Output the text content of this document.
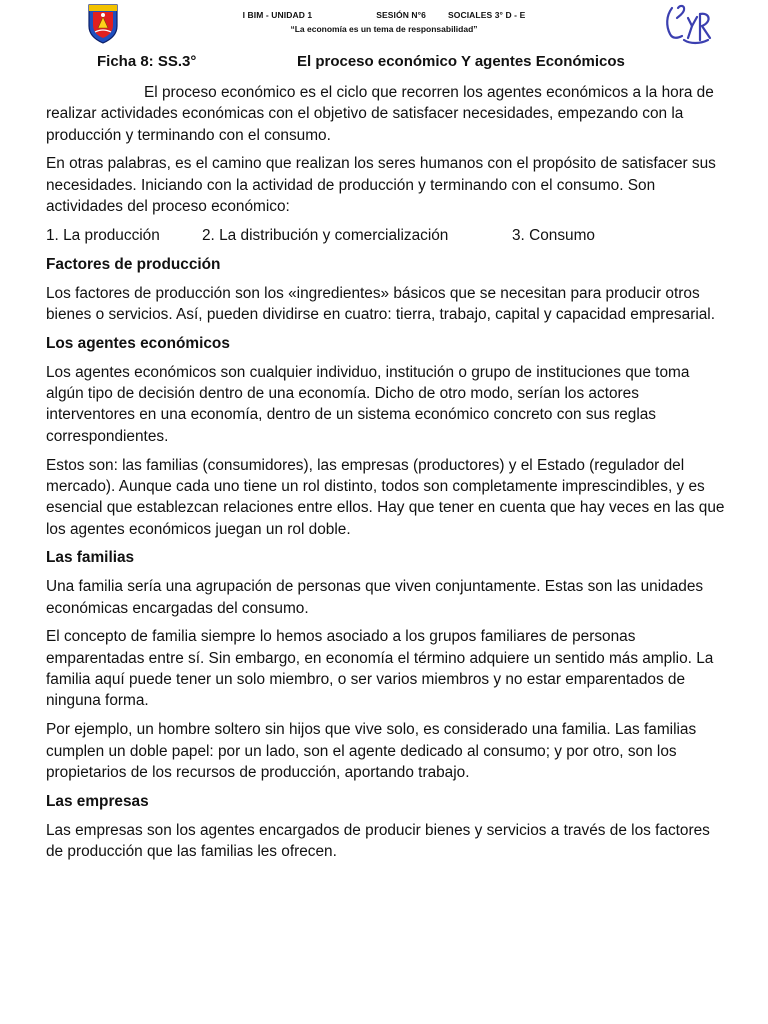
I BIM - UNIDAD 1	SESIÓN N°6	SOCIALES 3° D - E
“La economía es un tema de responsabilidad”
Ficha 8: SS.3°	El proceso económico Y agentes Económicos

El proceso económico es el ciclo que recorren los agentes económicos a la hora de realizar actividades económicas con el objetivo de satisfacer necesidades, empezando con la producción y terminando con el consumo.

En otras palabras, es el camino que realizan los seres humanos con el propósito de satisfacer sus necesidades. Iniciando con la actividad de producción y terminando con el consumo. Son actividades del proceso económico:

1. La producción	2. La distribución y comercialización	3. Consumo
Factores de producción

Los factores de producción son los «ingredientes» básicos que se necesitan para producir otros bienes o servicios. Así, pueden dividirse en cuatro: tierra, trabajo, capital y capacidad empresarial.

Los agentes económicos

Los agentes económicos son cualquier individuo, institución o grupo de instituciones que toma algún tipo de decisión dentro de una economía. Dicho de otro modo, serían los actores interventores en una economía, dentro de un sistema económico concreto con sus reglas correspondientes.

Estos son: las familias (consumidores), las empresas (productores) y el Estado (regulador del mercado). Aunque cada uno tiene un rol distinto, todos son completamente imprescindibles, y es esencial que establezcan relaciones entre ellos. Hay que tener en cuenta que hay veces en las que los agentes económicos juegan un rol doble.

Las familias

Una familia sería una agrupación de personas que viven conjuntamente. Estas son las unidades económicas encargadas del consumo.

El concepto de familia siempre lo hemos asociado a los grupos familiares de personas emparentadas entre sí. Sin embargo, en economía el término adquiere un sentido más amplio. La familia aquí puede tener un solo miembro, o ser varios miembros y no estar emparentados de ninguna forma.

Por ejemplo, un hombre soltero sin hijos que vive solo, es considerado una familia. Las familias cumplen un doble papel: por un lado, son el agente dedicado al consumo; y por otro, son los propietarios de los recursos de producción, aportando trabajo.

Las empresas

Las empresas son los agentes encargados de producir bienes y servicios a través de los factores de producción que las familias les ofrecen.
